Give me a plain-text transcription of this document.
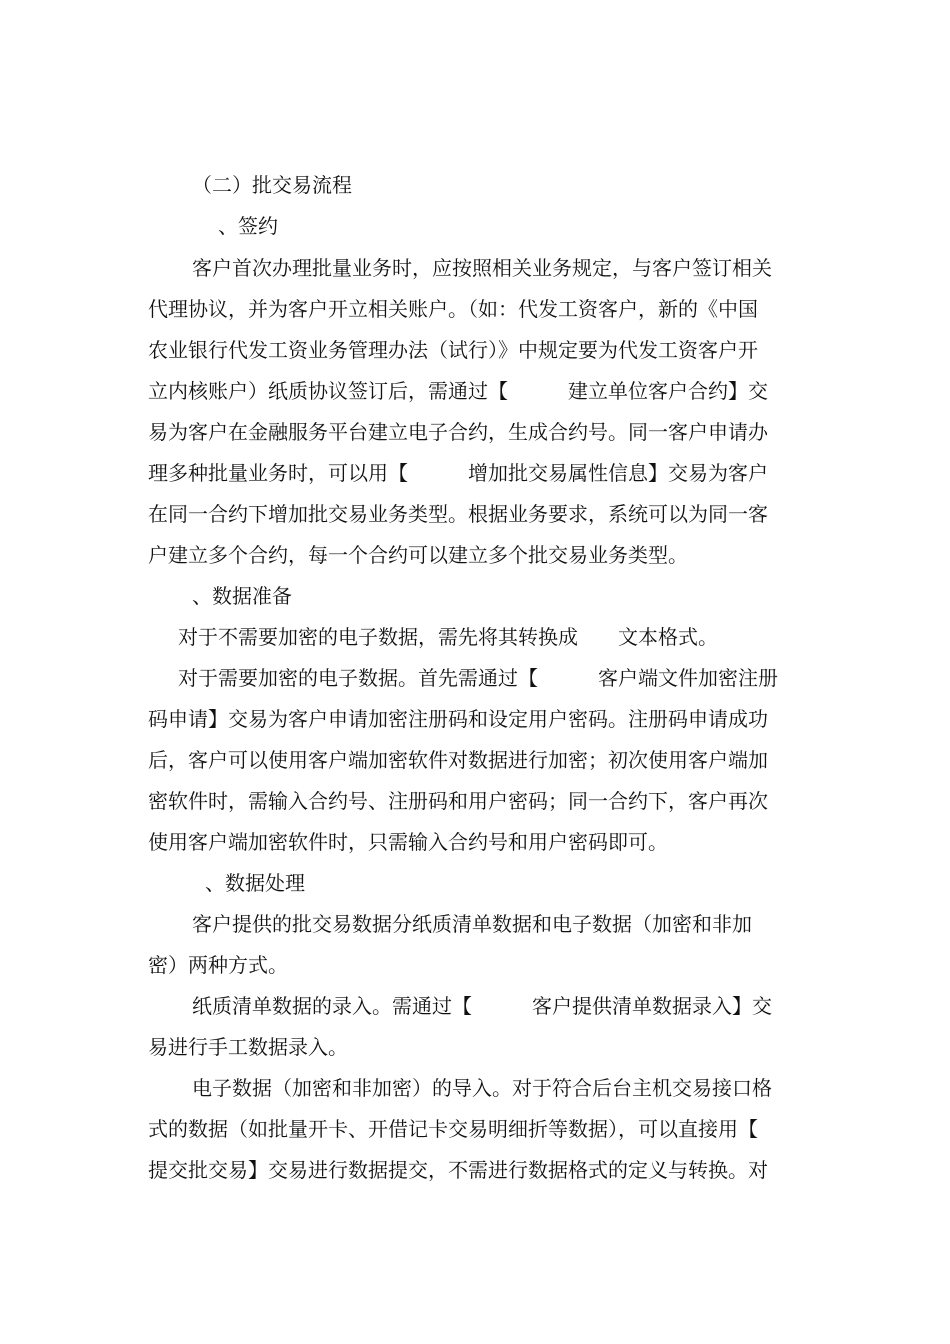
（二）批交易流程
、签约
客户首次办理批量业务时，应按照相关业务规定，与客户签订相关
代理协议，并为客户开立相关账户。（如：代发工资客户，新的《中国
农业银行代发工资业务管理办法（试行）》中规定要为代发工资客户开
立内核账户）纸质协议签订后，需通过【　　　建立单位客户合约】交
易为客户在金融服务平台建立电子合约，生成合约号。同一客户申请办
理多种批量业务时，可以用【　　　增加批交易属性信息】交易为客户
在同一合约下增加批交易业务类型。根据业务要求，系统可以为同一客
户建立多个合约，每一个合约可以建立多个批交易业务类型。
、数据准备
对于不需要加密的电子数据，需先将其转换成　　文本格式。
对于需要加密的电子数据。首先需通过【　　　客户端文件加密注册
码申请】交易为客户申请加密注册码和设定用户密码。注册码申请成功
后，客户可以使用客户端加密软件对数据进行加密；初次使用客户端加
密软件时，需输入合约号、注册码和用户密码；同一合约下，客户再次
使用客户端加密软件时，只需输入合约号和用户密码即可。
、数据处理
客户提供的批交易数据分纸质清单数据和电子数据（加密和非加
密）两种方式。
纸质清单数据的录入。需通过【　　　客户提供清单数据录入】交
易进行手工数据录入。
电子数据（加密和非加密）的导入。对于符合后台主机交易接口格
式的数据（如批量开卡、开借记卡交易明细折等数据），可以直接用【
提交批交易】交易进行数据提交，不需进行数据格式的定义与转换。对
